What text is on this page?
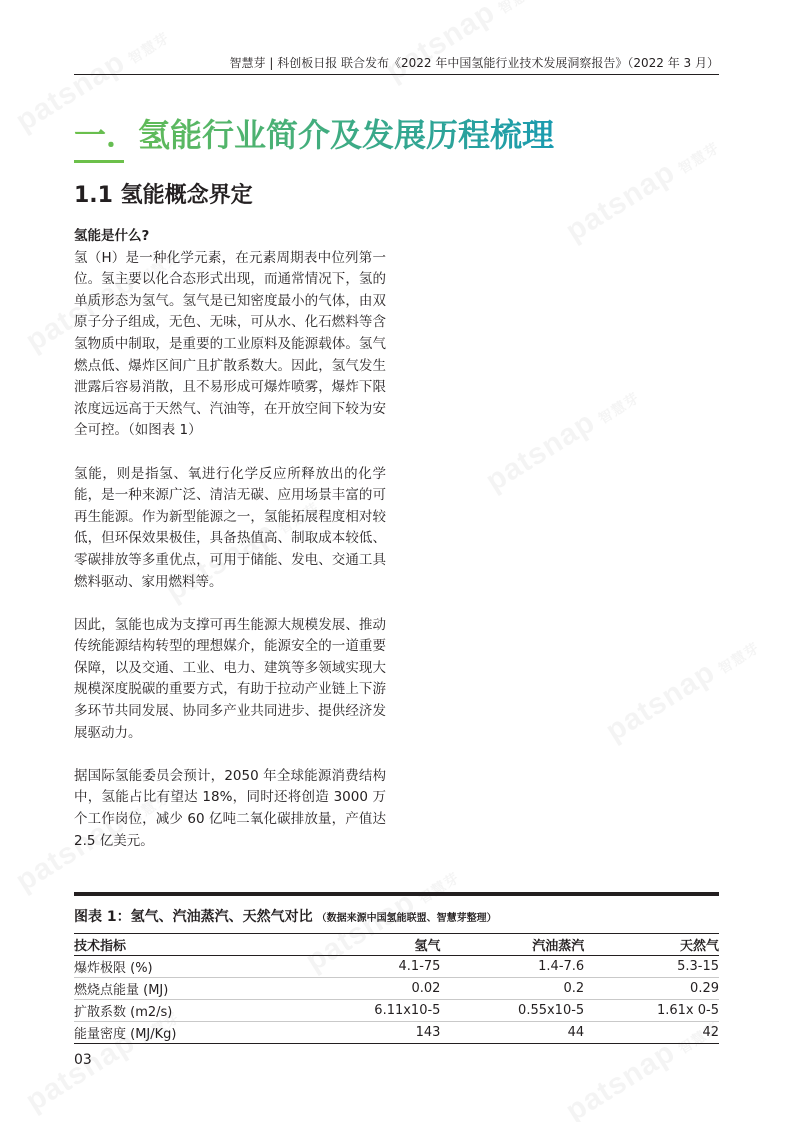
智慧芽 | 科创板日报 联合发布《2022 年中国氢能行业技术发展洞察报告》（2022 年 3 月）
一．氢能行业简介及发展历程梳理
1.1 氢能概念界定

氢能是什么?

氢（H）是一种化学元素，在元素周期表中位列第一位。氢主要以化合态形式出现，而通常情况下，氢的单质形态为氢气。氢气是已知密度最小的气体，由双原子分子组成，无色、无味，可从水、化石燃料等含氢物质中制取，是重要的工业原料及能源载体。氢气燃点低、爆炸区间广且扩散系数大。因此，氢气发生泄露后容易消散，且不易形成可爆炸喷雾，爆炸下限浓度远远高于天然气、汽油等，在开放空间下较为安全可控。（如图表 1）

氢能，则是指氢、氧进行化学反应所释放出的化学能，是一种来源广泛、清洁无碳、应用场景丰富的可再生能源。作为新型能源之一，氢能拓展程度相对较低，但环保效果极佳，具备热值高、制取成本较低、零碳排放等多重优点，可用于储能、发电、交通工具燃料驱动、家用燃料等。

因此，氢能也成为支撑可再生能源大规模发展、推动传统能源结构转型的理想媒介，能源安全的一道重要保障，以及交通、工业、电力、建筑等多领域实现大规模深度脱碳的重要方式，有助于拉动产业链上下游多环节共同发展、协同多产业共同进步、提供经济发展驱动力。

据国际氢能委员会预计，2050 年全球能源消费结构中，氢能占比有望达 18%，同时还将创造 3000 万个工作岗位，减少 60 亿吨二氧化碳排放量，产值达 2.5 亿美元。

图表 1：氢气、汽油蒸汽、天然气对比 （数据来源中国氢能联盟、智慧芽整理）
技术指标	氢气	汽油蒸汽	天然气
爆炸极限 (%)	4.1-75	1.4-7.6	5.3-15
燃烧点能量 (MJ)	0.02	0.2	0.29
扩散系数 (m2/s)	6.11x10-5	0.55x10-5	1.61x 0-5
能量密度 (MJ/Kg)	143	44	42
03
